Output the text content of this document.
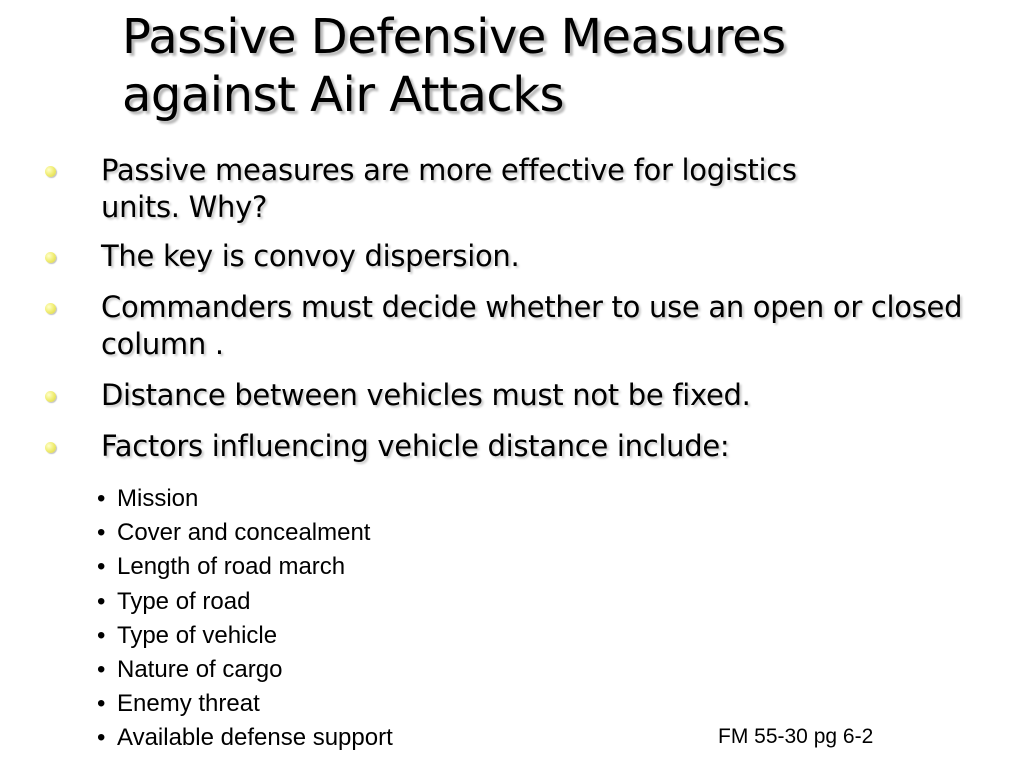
Passive Defensive Measures
against Air Attacks
Passive measures are more effective for logistics
units. Why?
The key is convoy dispersion.
Commanders must decide whether to use an open or closed
column .
Distance between vehicles must not be fixed.
Factors influencing vehicle distance include:
• Mission
• Cover and concealment
• Length of road march
• Type of road
• Type of vehicle
• Nature of cargo
• Enemy threat
• Available defense support	FM 55-30 pg 6-2
